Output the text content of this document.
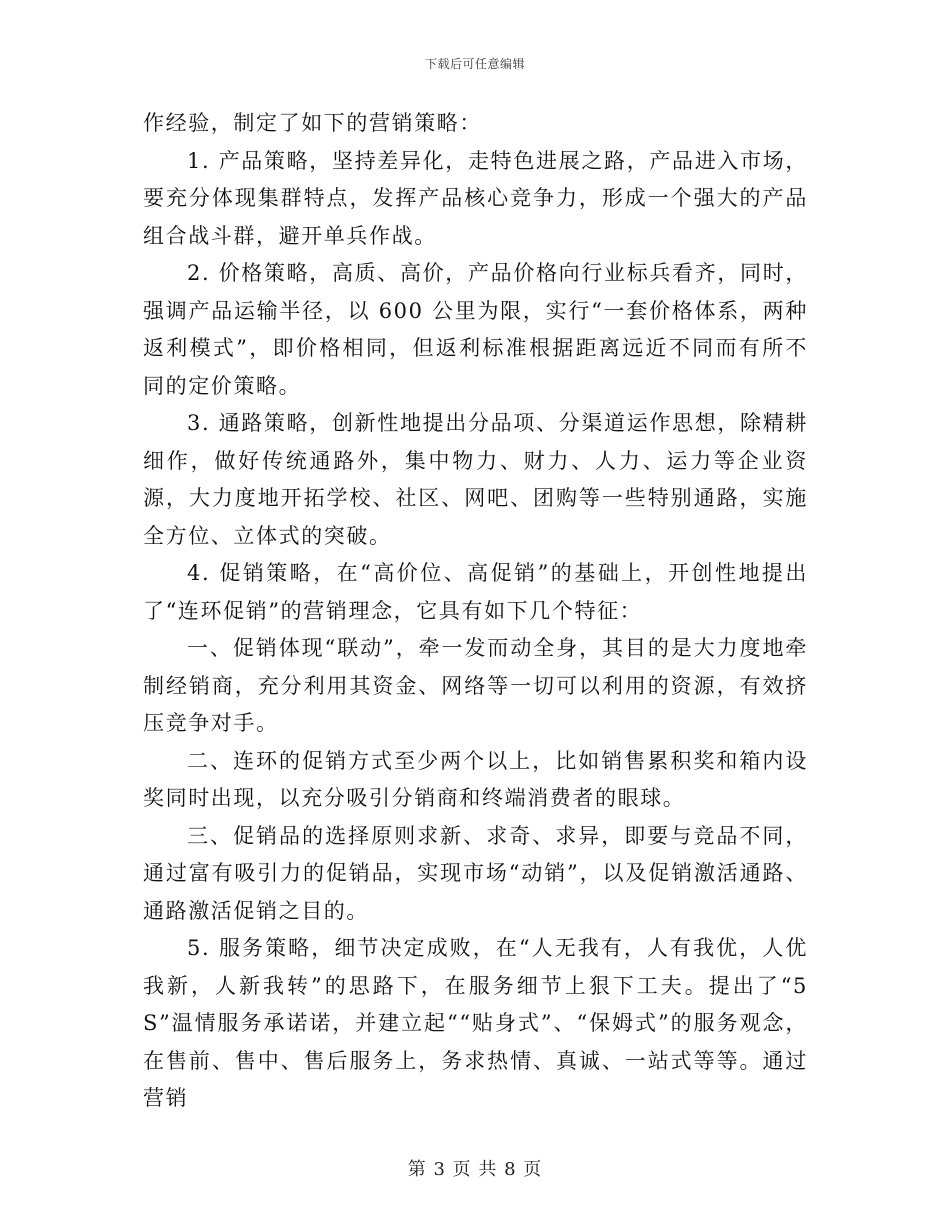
下载后可任意编辑

作经验，制定了如下的营销策略：

1. 产品策略，坚持差异化，走特色进展之路，产品进入市场，要充分体现集群特点，发挥产品核心竞争力，形成一个强大的产品组合战斗群，避开单兵作战。

2. 价格策略，高质、高价，产品价格向行业标兵看齐，同时，强调产品运输半径，以 600 公里为限，实行“一套价格体系，两种返利模式”，即价格相同，但返利标准根据距离远近不同而有所不同的定价策略。

3. 通路策略，创新性地提出分品项、分渠道运作思想，除精耕细作，做好传统通路外，集中物力、财力、人力、运力等企业资源，大力度地开拓学校、社区、网吧、团购等一些特别通路，实施全方位、立体式的突破。

4. 促销策略，在“高价位、高促销”的基础上，开创性地提出了“连环促销”的营销理念，它具有如下几个特征：

一、促销体现“联动”，牵一发而动全身，其目的是大力度地牵制经销商，充分利用其资金、网络等一切可以利用的资源，有效挤压竞争对手。

二、连环的促销方式至少两个以上，比如销售累积奖和箱内设奖同时出现，以充分吸引分销商和终端消费者的眼球。

三、促销品的选择原则求新、求奇、求异，即要与竞品不同，通过富有吸引力的促销品，实现市场“动销”，以及促销激活通路、通路激活促销之目的。

5. 服务策略，细节决定成败，在“人无我有，人有我优，人优我新，人新我转”的思路下，在服务细节上狠下工夫。提出了“5S”温情服务承诺诺，并建立起““贴身式”、“保姆式”的服务观念，在售前、售中、售后服务上，务求热情、真诚、一站式等等。通过营销

第 3 页 共 8 页
